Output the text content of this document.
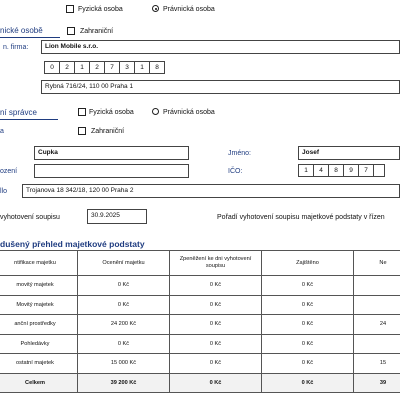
Fyzická osoba	Právnická osoba
nické osobě	Zahraniční
n. firma:	Lion Mobile s.r.o.
0	2	1	2	7	3	1	8
Rybná 716/24, 110 00 Praha 1
ní správce	Fyzická osoba	Právnická osoba
Zahraniční
a
Cupka	Jméno:	Josef
ození	IČO:	1	4	8	9	7
llo	Trojanova 18 342/18, 120 00 Praha 2
vyhotovení soupisu	30.9.2025	Pořadí vyhotovení soupisu majetkové podstaty v řízen
dušený přehled majetkové podstaty
ntifikace majetku	Ocenění majetku	Zpeněžení ke dni vyhotovení soupisu	Zajištěno	Ne
movitý majetek	0 Kč	0 Kč	0 Kč	
Movitý majetek	0 Kč	0 Kč	0 Kč	
anční prostředky	24 200 Kč	0 Kč	0 Kč	24
Pohledávky	0 Kč	0 Kč	0 Kč	
ostatní majetek	15 000 Kč	0 Kč	0 Kč	15
Celkem	39 200 Kč	0 Kč	0 Kč	39
